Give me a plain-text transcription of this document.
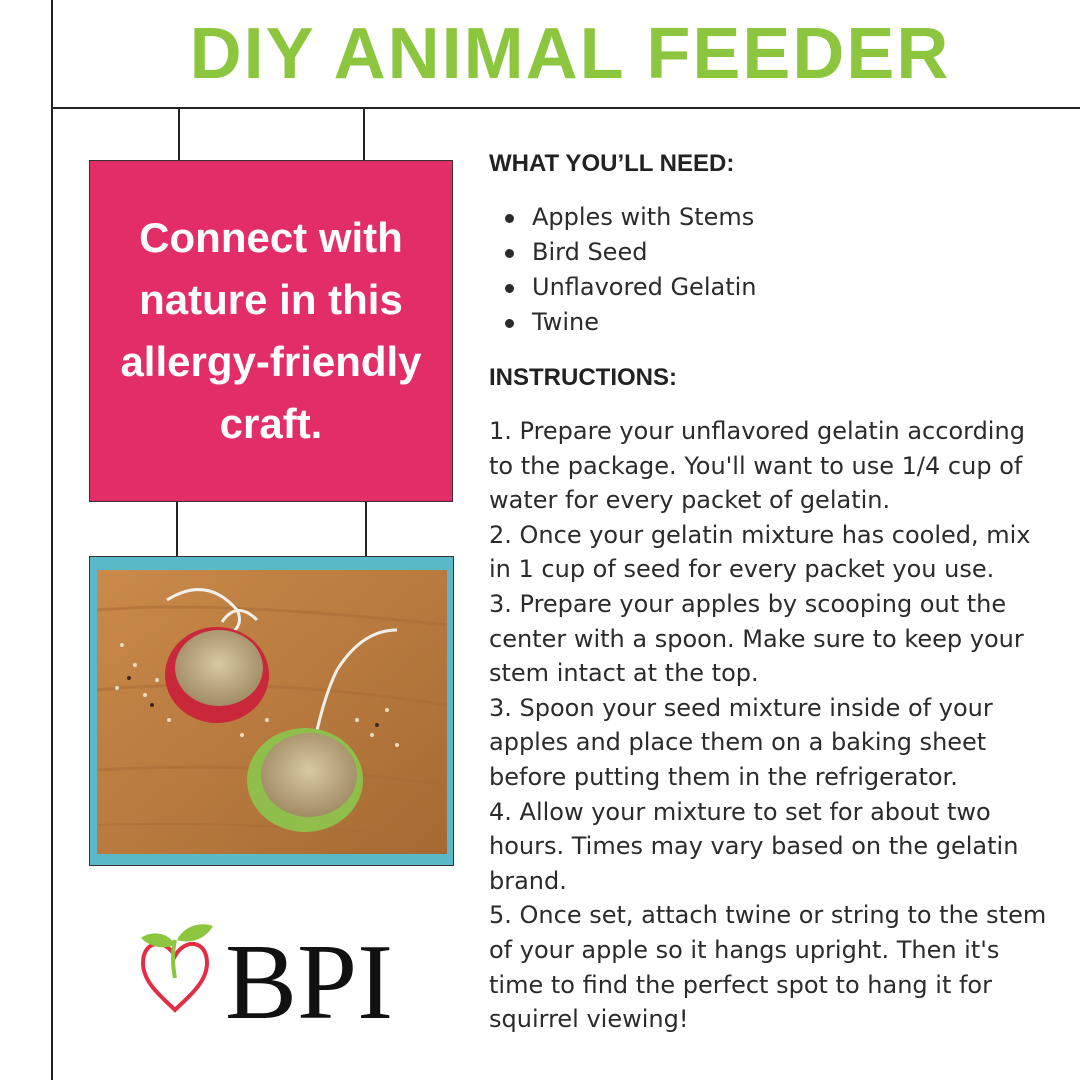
DIY ANIMAL FEEDER
Connect with nature in this allergy-friendly craft.
BPI
WHAT YOU’LL NEED:
Apples with Stems
Bird Seed
Unflavored Gelatin
Twine
INSTRUCTIONS:

1. Prepare your unflavored gelatin according to the package. You'll want to use 1/4 cup of water for every packet of gelatin.

2. Once your gelatin mixture has cooled, mix in 1 cup of seed for every packet you use.

3. Prepare your apples by scooping out the center with a spoon. Make sure to keep your stem intact at the top.

3. Spoon your seed mixture inside of your apples and place them on a baking sheet before putting them in the refrigerator.

4. Allow your mixture to set for about two hours. Times may vary based on the gelatin brand.

5. Once set, attach twine or string to the stem of your apple so it hangs upright. Then it's time to find the perfect spot to hang it for squirrel viewing!
